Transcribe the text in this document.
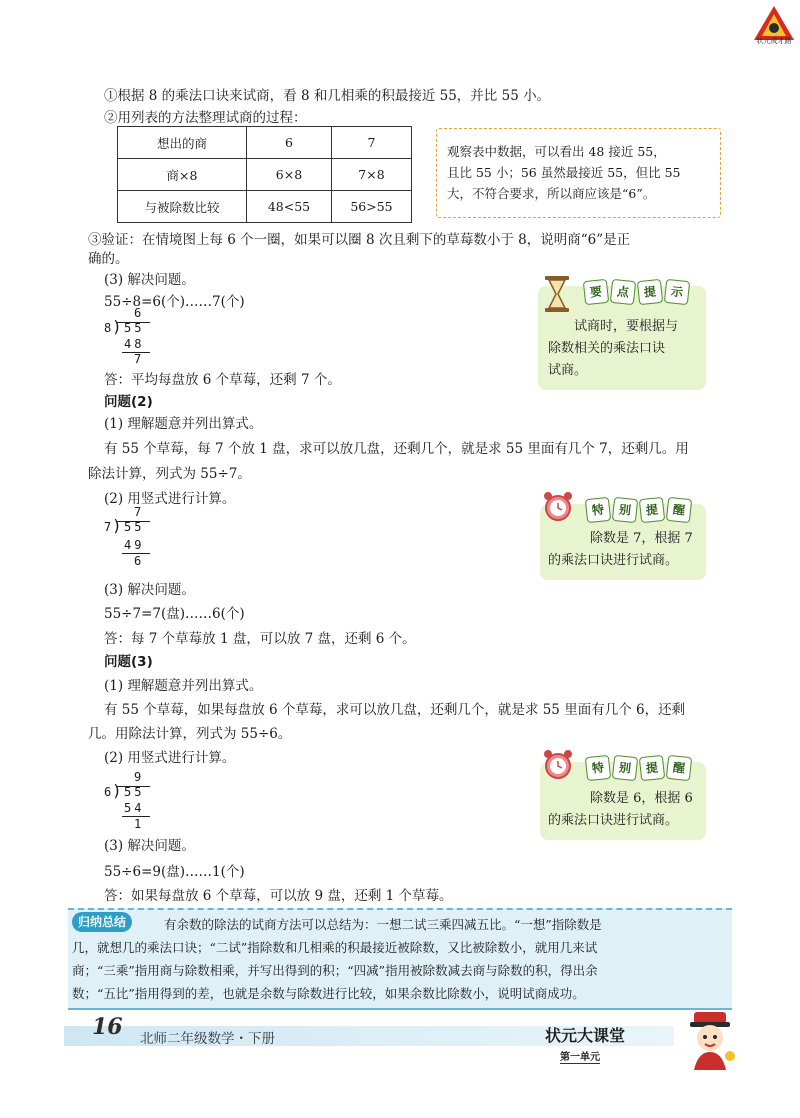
状元成才路
①根据 8 的乘法口诀来试商，看 8 和几相乘的积最接近 55，并比 55 小。
②用列表的方法整理试商的过程：
想出的商	6	7
商×8	6×8	7×8
与被除数比较	48<55	56>55
观察表中数据，可以看出 48 接近 55，
且比 55 小；56 虽然最接近 55，但比 55
大，不符合要求，所以商应该是“6”。
③验证：在情境图上每 6 个一圈，如果可以圈 8 次且剩下的草莓数小于 8，说明商“6”是正
确的。
(3) 解决问题。
55÷8=6(个)……7(个)
6
8 ) 55
48
7
答：平均每盘放 6 个草莓，还剩 7 个。
要	点	提	示
试商时，要根据与
除数相关的乘法口诀
试商。
问题(2)
(1) 理解题意并列出算式。
有 55 个草莓，每 7 个放 1 盘，求可以放几盘，还剩几个，就是求 55 里面有几个 7，还剩几。用
除法计算，列式为 55÷7。
(2) 用竖式进行计算。
7
7 ) 55
49
6
特	别	提	醒
除数是 7，根据 7
的乘法口诀进行试商。
(3) 解决问题。
55÷7=7(盘)……6(个)
答：每 7 个草莓放 1 盘，可以放 7 盘，还剩 6 个。
问题(3)
(1) 理解题意并列出算式。
有 55 个草莓，如果每盘放 6 个草莓，求可以放几盘，还剩几个，就是求 55 里面有几个 6，还剩
几。用除法计算，列式为 55÷6。
(2) 用竖式进行计算。
9
6 ) 55
54
1
特	别	提	醒
除数是 6，根据 6
的乘法口诀进行试商。
(3) 解决问题。
55÷6=9(盘)……1(个)
答：如果每盘放 6 个草莓，可以放 9 盘，还剩 1 个草莓。
有余数的除法的试商方法可以总结为：一想二试三乘四减五比。“一想”指除数是
几，就想几的乘法口诀；“二试”指除数和几相乘的积最接近被除数，又比被除数小，就用几来试
商；“三乘”指用商与除数相乘，并写出得到的积；“四减”指用被除数减去商与除数的积，得出余
数；“五比”指用得到的差，也就是余数与除数进行比较，如果余数比除数小，说明试商成功。
归纳总结
16 北师二年级数学・下册	状元大课堂
第一单元
